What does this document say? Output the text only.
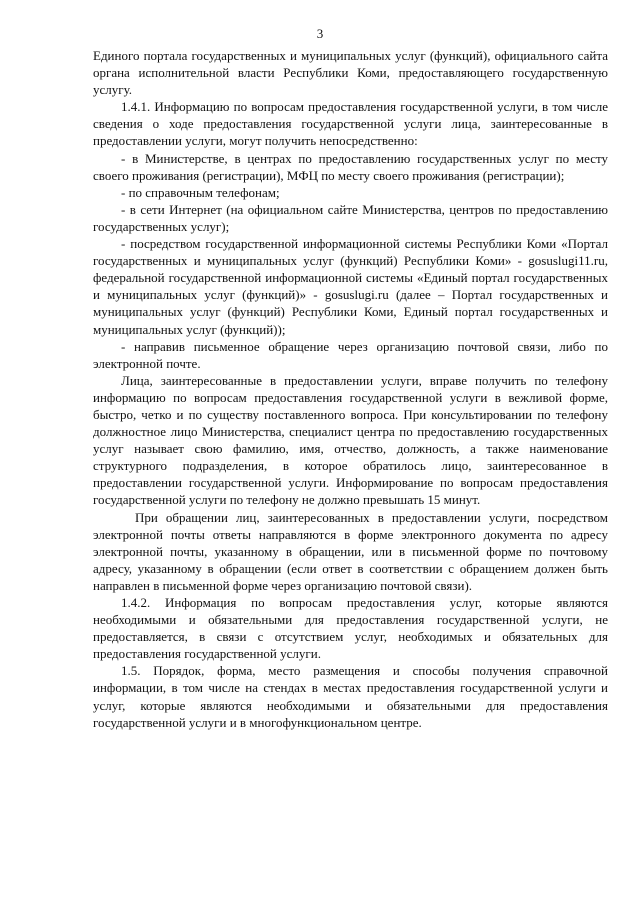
3

Единого портала государственных и муниципальных услуг (функций), официального сайта органа исполнительной власти Республики Коми, предоставляющего государственную услугу.

1.4.1. Информацию по вопросам предоставления государственной услуги, в том числе сведения о ходе предоставления государственной услуги лица, заинтересованные в предоставлении услуги, могут получить непосредственно:

- в Министерстве, в центрах по предоставлению государственных услуг по месту своего проживания (регистрации), МФЦ по месту своего проживания (регистрации);

- по справочным телефонам;

- в сети Интернет (на официальном сайте Министерства, центров по предоставлению государственных услуг);

- посредством государственной информационной системы Республики Коми «Портал государственных и муниципальных услуг (функций) Республики Коми» - gosuslugi11.ru, федеральной государственной информационной системы «Единый портал государственных и муниципальных услуг (функций)» - gosuslugi.ru (далее – Портал государственных и муниципальных услуг (функций) Республики Коми, Единый портал государственных и муниципальных услуг (функций));

- направив письменное обращение через организацию почтовой связи, либо по электронной почте.

Лица, заинтересованные в предоставлении услуги, вправе получить по телефону информацию по вопросам предоставления государственной услуги в вежливой форме, быстро, четко и по существу поставленного вопроса. При консультировании по телефону должностное лицо Министерства, специалист центра по предоставлению государственных услуг называет свою фамилию, имя, отчество, должность, а также наименование структурного подразделения, в которое обратилось лицо, заинтересованное в предоставлении государственной услуги. Информирование по вопросам предоставления государственной услуги по телефону не должно превышать 15 минут.

При обращении лиц, заинтересованных в предоставлении услуги, посредством электронной почты ответы направляются в форме электронного документа по адресу электронной почты, указанному в обращении, или в письменной форме по почтовому адресу, указанному в обращении (если ответ в соответствии с обращением должен быть направлен в письменной форме через организацию почтовой связи).

1.4.2. Информация по вопросам предоставления услуг, которые являются необходимыми и обязательными для предоставления государственной услуги, не предоставляется, в связи с отсутствием услуг, необходимых и обязательных для предоставления государственной услуги.

1.5. Порядок, форма, место размещения и способы получения справочной информации, в том числе на стендах в местах предоставления государственной услуги и услуг, которые являются необходимыми и обязательными для предоставления государственной услуги и в многофункциональном центре.
